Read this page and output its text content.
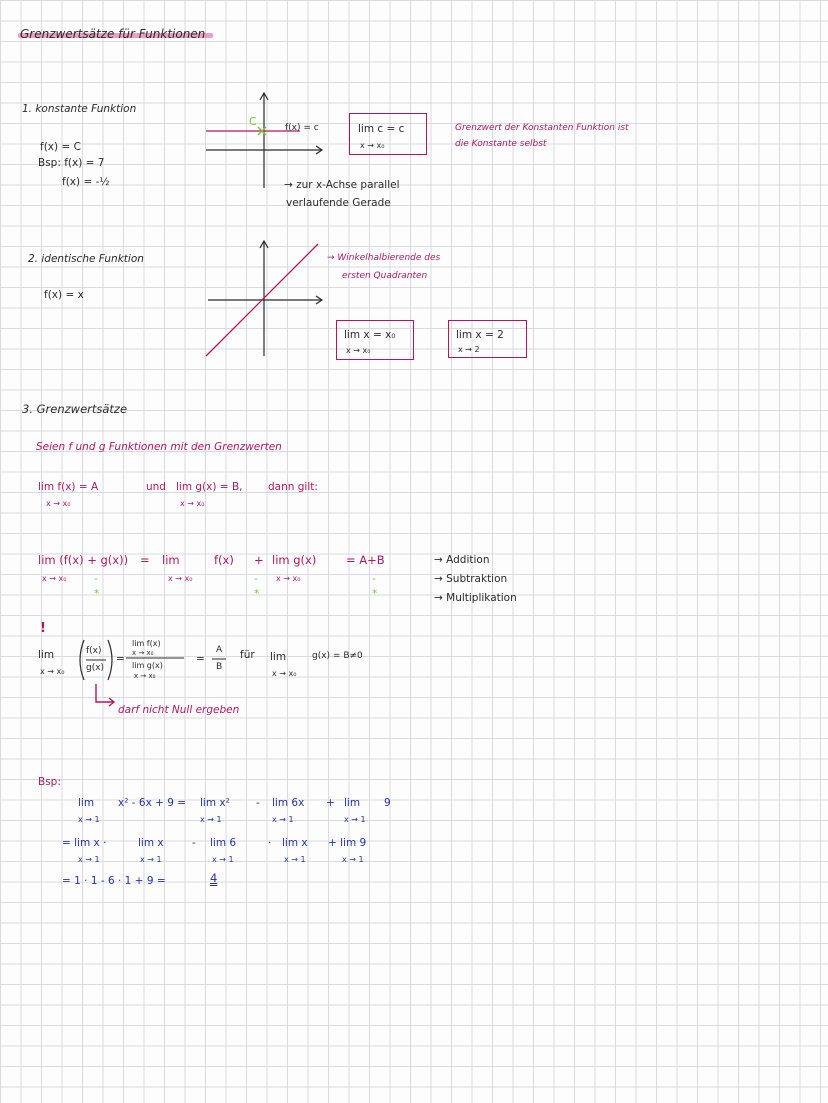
Grenzwertsätze für Funktionen
1. konstante Funktion
f(x) = C
Bsp: f(x) = 7
f(x) = -½
C	f(x) = c	lim c = c
x → x₀
Grenzwert der Konstanten Funktion ist
die Konstante selbst
→ zur x-Achse parallel
verlaufende Gerade
2. identische Funktion
f(x) = x
→ Winkelhalbierende des
ersten Quadranten
lim x = x₀
x → x₀
lim x = 2
x → 2
3. Grenzwertsätze
Seien f und g Funktionen mit den Grenzwerten
lim f(x) = A
x → x₀
und lim g(x) = B,
x → x₀
dann gilt:
lim (f(x) + g(x))
x → x₀
= lim
x → x₀
f(x) + lim g(x)
x → x₀
= A+B
-	-	-
*	*	*
→ Addition
→ Subtraktion
→ Multiplikation
!
lim
x → x₀
f(x)
g(x)
=
lim f(x)
x → x₀
lim g(x)
x → x₀
=
A
B
für lim
x → x₀
g(x) = B≠0
darf nicht Null ergeben
Bsp:
lim
x → 1
x² - 6x + 9 = lim x²
x → 1
- lim 6x
x → 1
+ lim
x → 1
9
= lim x ·
x → 1
lim x
x → 1
- lim 6
x → 1
· lim x
x → 1
+ lim 9
x → 1
= 1 · 1 - 6 · 1 + 9 =	4
